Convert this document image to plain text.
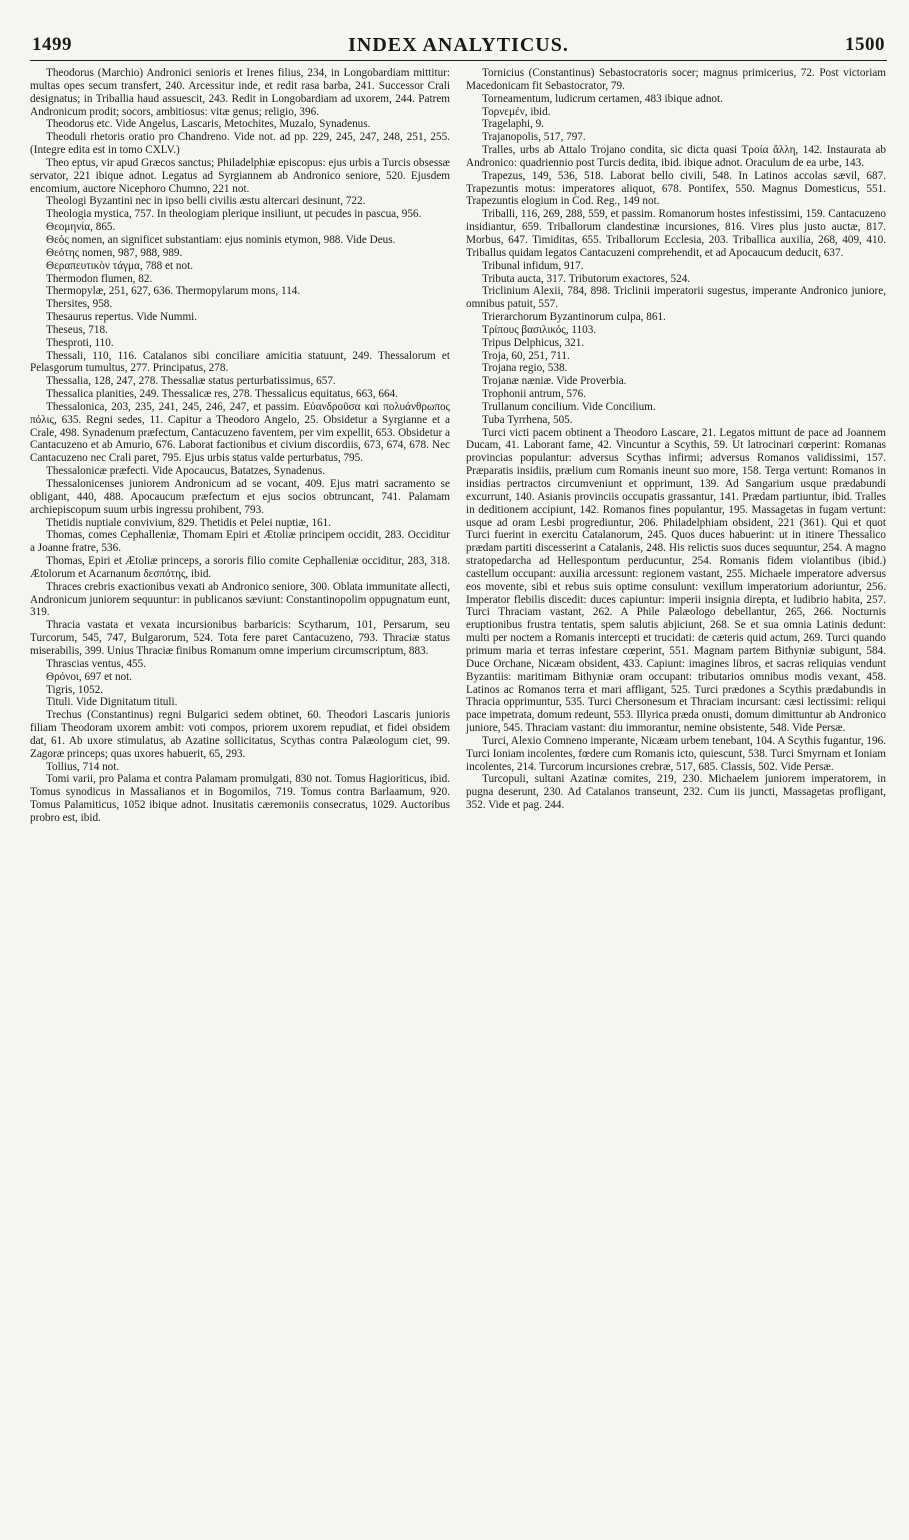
1499	INDEX ANALYTICUS.	1500

Theodorus (Marchio) Andronici senioris et Irenes filius, 234, in Longobardiam mittitur: multas opes secum transfert, 240. Arcessitur inde, et redit rasa barba, 241. Successor Crali designatus; in Triballia haud assuescit, 243. Redit in Longobardiam ad uxorem, 244. Patrem Andronicum prodit; socors, ambitiosus: vitæ genus; religio, 396.

Theodorus etc. Vide Angelus, Lascaris, Metochites, Muzalo, Synadenus.

Theoduli rhetoris oratio pro Chandreno. Vide not. ad pp. 229, 245, 247, 248, 251, 255. (Integre edita est in tomo CXLV.)

Theo eptus, vir apud Græcos sanctus; Philadelphiæ episcopus: ejus urbis a Turcis obsessæ servator, 221 ibique adnot. Legatus ad Syrgiannem ab Andronico seniore, 520. Ejusdem encomium, auctore Nicephoro Chumno, 221 not.

Theologi Byzantini nec in ipso belli civilis æstu altercari desinunt, 722.

Theologia mystica, 757. In theologiam plerique insiliunt, ut pecudes in pascua, 956.

Θεομηνία, 865.

Θεός nomen, an significet substantiam: ejus nominis etymon, 988. Vide Deus.

Θεότης nomen, 987, 988, 989.

Θεραπευτικὸν τάγμα, 788 et not.

Thermodon flumen, 82.

Thermopylæ, 251, 627, 636. Thermopylarum mons, 114.

Thersites, 958.

Thesaurus repertus. Vide Nummi.

Theseus, 718.

Thesproti, 110.

Thessali, 110, 116. Catalanos sibi conciliare amicitia statuunt, 249. Thessalorum et Pelasgorum tumultus, 277. Principatus, 278.

Thessalia, 128, 247, 278. Thessaliæ status perturbatissimus, 657.

Thessalica planities, 249. Thessalicæ res, 278. Thessalicus equitatus, 663, 664.

Thessalonica, 203, 235, 241, 245, 246, 247, et passim. Εὐανδροῦσα καὶ πολυάνθρωπος πόλις, 635. Regni sedes, 11. Capitur a Theodoro Angelo, 25. Obsidetur a Syrgianne et a Crale, 498. Synadenum præfectum, Cantacuzeno faventem, per vim expellit, 653. Obsidetur a Cantacuzeno et ab Amurio, 676. Laborat factionibus et civium discordiis, 673, 674, 678. Nec Cantacuzeno nec Crali paret, 795. Ejus urbis status valde perturbatus, 795.

Thessalonicæ præfecti. Vide Apocaucus, Batatzes, Synadenus.

Thessalonicenses juniorem Andronicum ad se vocant, 409. Ejus matri sacramento se obligant, 440, 488. Apocaucum præfectum et ejus socios obtruncant, 741. Palamam archiepiscopum suum urbis ingressu prohibent, 793.

Thetidis nuptiale convivium, 829. Thetidis et Pelei nuptiæ, 161.

Thomas, comes Cephalleniæ, Thomam Epiri et Ætoliæ principem occidit, 283. Occiditur a Joanne fratre, 536.

Thomas, Epiri et Ætoliæ princeps, a sororis filio comite Cephalleniæ occiditur, 283, 318. Ætolorum et Acarnanum δεσπότης, ibid.

Thraces crebris exactionibus vexati ab Andronico seniore, 300. Oblata immunitate allecti, Andronicum juniorem sequuntur: in publicanos sæviunt: Constantinopolim oppugnatum eunt, 319.

Thracia vastata et vexata incursionibus barbaricis: Scytharum, 101, Persarum, seu Turcorum, 545, 747, Bulgarorum, 524. Tota fere paret Cantacuzeno, 793. Thraciæ status miserabilis, 399. Unius Thraciæ finibus Romanum omne imperium circumscriptum, 883.

Thrascias ventus, 455.

Θρόνοι, 697 et not.

Tigris, 1052.

Tituli. Vide Dignitatum tituli.

Trechus (Constantinus) regni Bulgarici sedem obtinet, 60. Theodori Lascaris junioris filiam Theodoram uxorem ambit: voti compos, priorem uxorem repudiat, et fidei obsidem dat, 61. Ab uxore stimulatus, ab Azatine sollicitatus, Scythas contra Palæologum ciet, 99. Zagoræ princeps; quas uxores habuerit, 65, 293.

Tollius, 714 not.

Tomi varii, pro Palama et contra Palamam promulgati, 830 not. Tomus Hagioriticus, ibid. Tomus synodicus in Massalianos et in Bogomilos, 719. Tomus contra Barlaamum, 920. Tomus Palamiticus, 1052 ibique adnot. Inusitatis cæremoniis consecratus, 1029. Auctoribus probro est, ibid.

Tornicius (Constantinus) Sebastocratoris socer; magnus primicerius, 72. Post victoriam Macedonicam fit Sebastocrator, 79.

Torneamentum, ludicrum certamen, 483 ibique adnot.

Τορνεμέν, ibid.

Tragelaphi, 9.

Trajanopolis, 517, 797.

Tralles, urbs ab Attalo Trojano condita, sic dicta quasi Τροία ἄλλη, 142. Instaurata ab Andronico: quadriennio post Turcis dedita, ibid. ibique adnot. Oraculum de ea urbe, 143.

Trapezus, 149, 536, 518. Laborat bello civili, 548. In Latinos accolas sævil, 687. Trapezuntis motus: imperatores aliquot, 678. Pontifex, 550. Magnus Domesticus, 551. Trapezuntis elogium in Cod. Reg., 149 not.

Triballi, 116, 269, 288, 559, et passim. Romanorum hostes infestissimi, 159. Cantacuzeno insidiantur, 659. Triballorum clandestinæ incursiones, 816. Vires plus justo auctæ, 817. Morbus, 647. Timiditas, 655. Triballorum Ecclesia, 203. Triballica auxilia, 268, 409, 410. Triballus quidam legatos Cantacuzeni comprehendit, et ad Apocaucum deducit, 637.

Tribunal infidum, 917.

Tributa aucta, 317. Tributorum exactores, 524.

Triclinium Alexii, 784, 898. Triclinii imperatorii sugestus, imperante Andronico juniore, omnibus patuit, 557.

Trierarchorum Byzantinorum culpa, 861.

Τρίπους βασιλικός, 1103.

Tripus Delphicus, 321.

Troja, 60, 251, 711.

Trojana regio, 538.

Trojanæ næniæ. Vide Proverbia.

Trophonii antrum, 576.

Trullanum concilium. Vide Concilium.

Tuba Tyrrhena, 505.

Turci victi pacem obtinent a Theodoro Lascare, 21. Legatos mittunt de pace ad Joannem Ducam, 41. Laborant fame, 42. Vincuntur a Scythis, 59. Ut latrocinari cœperint: Romanas provincias populantur: adversus Scythas infirmi; adversus Romanos validissimi, 157. Præparatis insidiis, prælium cum Romanis ineunt suo more, 158. Terga vertunt: Romanos in insidias pertractos circumveniunt et opprimunt, 139. Ad Sangarium usque prædabundi excurrunt, 140. Asianis provinciis occupatis grassantur, 141. Prædam partiuntur, ibid. Tralles in deditionem accipiunt, 142. Romanos fines populantur, 195. Massagetas in fugam vertunt: usque ad oram Lesbi progrediuntur, 206. Philadelphiam obsident, 221 (361). Qui et quot Turci fuerint in exercitu Catalanorum, 245. Quos duces habuerint: ut in itinere Thessalico prædam partiti discesserint a Catalanis, 248. His relictis suos duces sequuntur, 254. A magno stratopedarcha ad Hellespontum perducuntur, 254. Romanis fidem violantibus (ibid.) castellum occupant: auxilia arcessunt: regionem vastant, 255. Michaele imperatore adversus eos movente, sibi et rebus suis optime consulunt: vexillum imperatorium adoriuntur, 256. Imperator flebilis discedit: duces capiuntur: imperii insignia direpta, et ludibrio habita, 257. Turci Thraciam vastant, 262. A Phile Palæologo debellantur, 265, 266. Nocturnis eruptionibus frustra tentatis, spem salutis abjiciunt, 268. Se et sua omnia Latinis dedunt: multi per noctem a Romanis intercepti et trucidati: de cæteris quid actum, 269. Turci quando primum maria et terras infestare cœperint, 551. Magnam partem Bithyniæ subigunt, 584. Duce Orchane, Nicæam obsident, 433. Capiunt: imagines libros, et sacras reliquias vendunt Byzantiis: maritimam Bithyniæ oram occupant: tributarios omnibus modis vexant, 458. Latinos ac Romanos terra et mari affligant, 525. Turci prædones a Scythis prædabundis in Thracia opprimuntur, 535. Turci Chersonesum et Thraciam incursant: cæsi lectissimi: reliqui pace impetrata, domum redeunt, 553. Illyrica præda onusti, domum dimittuntur ab Andronico juniore, 545. Thraciam vastant: diu immorantur, nemine obsistente, 548. Vide Persæ.

Turci, Alexio Comneno imperante, Nicæam urbem tenebant, 104. A Scythis fugantur, 196. Turci Ioniam incolentes, fœdere cum Romanis icto, quiescunt, 538. Turci Smyrnam et Ioniam incolentes, 214. Turcorum incursiones crebræ, 517, 685. Classis, 502. Vide Persæ.

Turcopuli, sultani Azatinæ comites, 219, 230. Michaelem juniorem imperatorem, in pugna deserunt, 230. Ad Catalanos transeunt, 232. Cum iis juncti, Massagetas profligant, 352. Vide et pag. 244.
